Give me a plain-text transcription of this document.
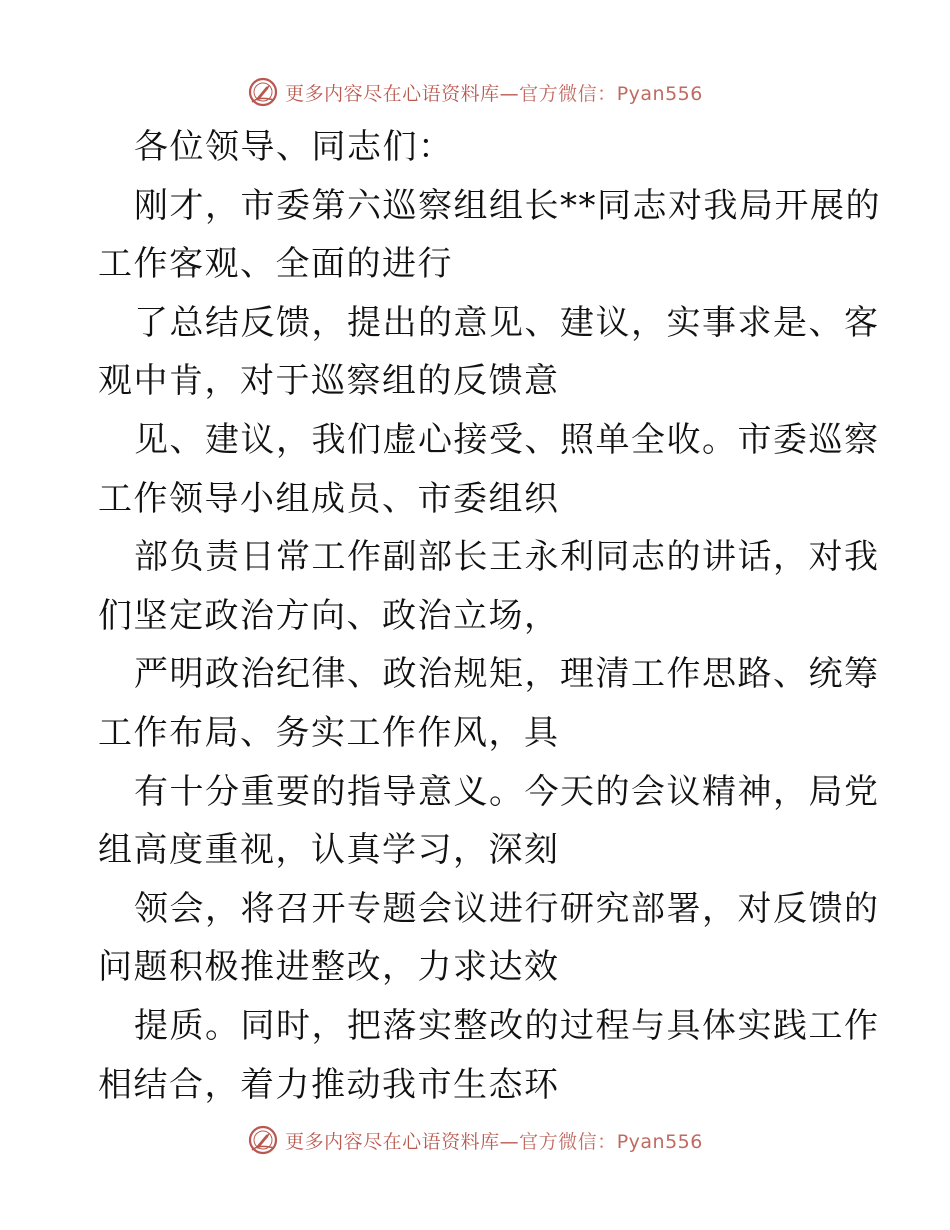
更多内容尽在心语资料库—官方微信：Pyan556
各位领导、同志们：
刚才，市委第六巡察组组长**同志对我局开展的
工作客观、全面的进行
了总结反馈，提出的意见、建议，实事求是、客
观中肯，对于巡察组的反馈意
见、建议，我们虚心接受、照单全收。市委巡察
工作领导小组成员、市委组织
部负责日常工作副部长王永利同志的讲话，对我
们坚定政治方向、政治立场，
严明政治纪律、政治规矩，理清工作思路、统筹
工作布局、务实工作作风，具
有十分重要的指导意义。今天的会议精神，局党
组高度重视，认真学习，深刻
领会，将召开专题会议进行研究部署，对反馈的
问题积极推进整改，力求达效
提质。同时，把落实整改的过程与具体实践工作
相结合，着力推动我市生态环
更多内容尽在心语资料库—官方微信：Pyan556
